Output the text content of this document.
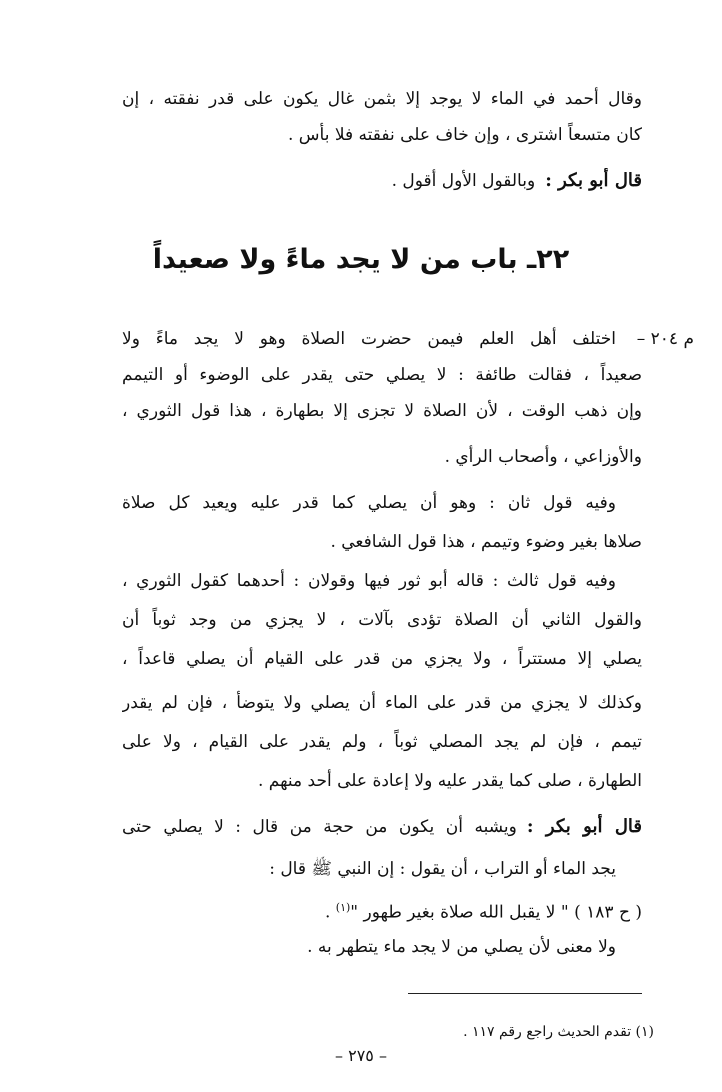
وقال أحمد في الماء لا يوجد إلا بثمن غال يكون على قدر نفقته ، إن

كان متسعاً اشترى ، وإن خاف على نفقته فلا بأس .

قال أبو بكر :وبالقول الأول أقول .

٢٢ـ باب من لا يجد ماءً ولا صعيداً
م ٢٠٤ –

اختلف أهل العلم فيمن حضرت الصلاة وهو لا يجد ماءً ولا

صعيداً ، فقالت طائفة : لا يصلي حتى يقدر على الوضوء أو التيمم

وإن ذهب الوقت ، لأن الصلاة لا تجزى إلا بطهارة ، هذا قول الثوري ،

والأوزاعي ، وأصحاب الرأي .

وفيه قول ثان : وهو أن يصلي كما قدر عليه ويعيد كل صلاة

صلاها بغير وضوء وتيمم ، هذا قول الشافعي .

وفيه قول ثالث : قاله أبو ثور فيها وقولان : أحدهما كقول الثوري ،

والقول الثاني أن الصلاة تؤدى بآلات ، لا يجزي من وجد ثوباً أن

يصلي إلا مستتراً ، ولا يجزي من قدر على القيام أن يصلي قاعداً ،

وكذلك لا يجزي من قدر على الماء أن يصلي ولا يتوضأ ، فإن لم يقدر

تيمم ، فإن لم يجد المصلي ثوباً ، ولم يقدر على القيام ، ولا على

الطهارة ، صلى كما يقدر عليه ولا إعادة على أحد منهم .

قال أبو بكر :ويشبه أن يكون من حجة من قال : لا يصلي حتى

يجد الماء أو التراب ، أن يقول : إن النبي ﷺ قال :

( ح ١٨٣ ) " لا يقبل الله صلاة بغير طهور "$^{(١)}$ .

ولا معنى لأن يصلي من لا يجد ماء يتطهر به .

(١) تقدم الحديث راجع رقم ١١٧ .

– ٢٧٥ –
